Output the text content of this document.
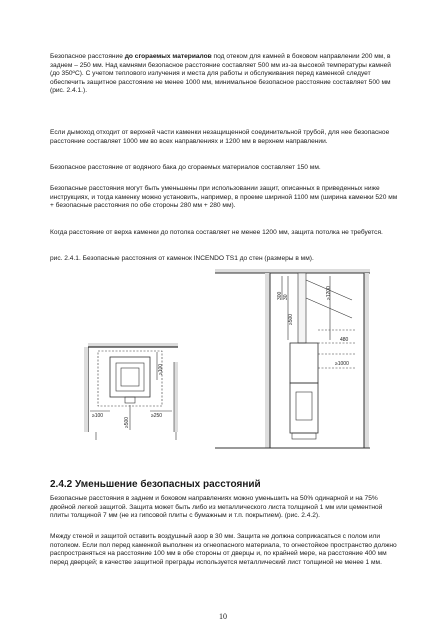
Безопасное расстояние до сгораемых материалов под отеком для камней в боковом направлении 200 мм, в заднем – 250 мм. Над камнями безопасное расстояние составляет 500 мм из-за высокой температуры камней (до 350ºС). С учетом теплового излучения и места для работы и обслуживания перед каменкой следует обеспечить защитное расстояние не менее 1000 мм, минимальное безопасное расстояние составляет 500 мм (рис. 2.4.1.).

Если дымоход отходит от верхней части каменки незащищенной соединительной трубой, для нее безопасное расстояние составляет 1000 мм во всех направлениях и 1200 мм в верхнем направлении.

Безопасное расстояние от водяного бака до сгораемых материалов составляет 150 мм.

Безопасные расстояния могут быть уменьшены при использовании защит, описанных в приведенных ниже инструкциях, и тогда каменку можно установить, например, в проеме шириной 1100 мм (ширина каменки 520 мм + безопасные расстояния по обе стороны 280 мм + 280 мм).

Когда расстояние от верха каменки до потолка составляет не менее 1200 мм, защита потолка не требуется.

рис. 2.4.1. Безопасные расстояния от каменок INCENDO TS1 до стен (размеры в мм).

≥100	≥250
≥500
≥100
30
300	≥1200
≥500
480
≥1000
2.4.2 Уменьшение безопасных расстояний

Безопасные расстояния в заднем и боковом направлениях можно уменьшить на 50% одинарной и на 75% двойной легкой защитой. Защита может быть либо из металлического листа толщиной 1 мм или цементной плиты толщиной 7 мм (не из гипсовой плиты с бумажным и т.п. покрытием). (рис. 2.4.2).

Между стеной и защитой оставить воздушный азор в 30 мм. Защита не должна соприкасаться с полом или потолком. Если пол перед каменкой выполнен из огнеопасного материала, то огнестойкое пространство должно распространяться на расстояние 100 мм в обе стороны от дверцы и, по крайней мере, на расстояние 400 мм перед дверцей; в качестве защитной преграды используется металлический лист толщиной не менее 1 мм.

10
